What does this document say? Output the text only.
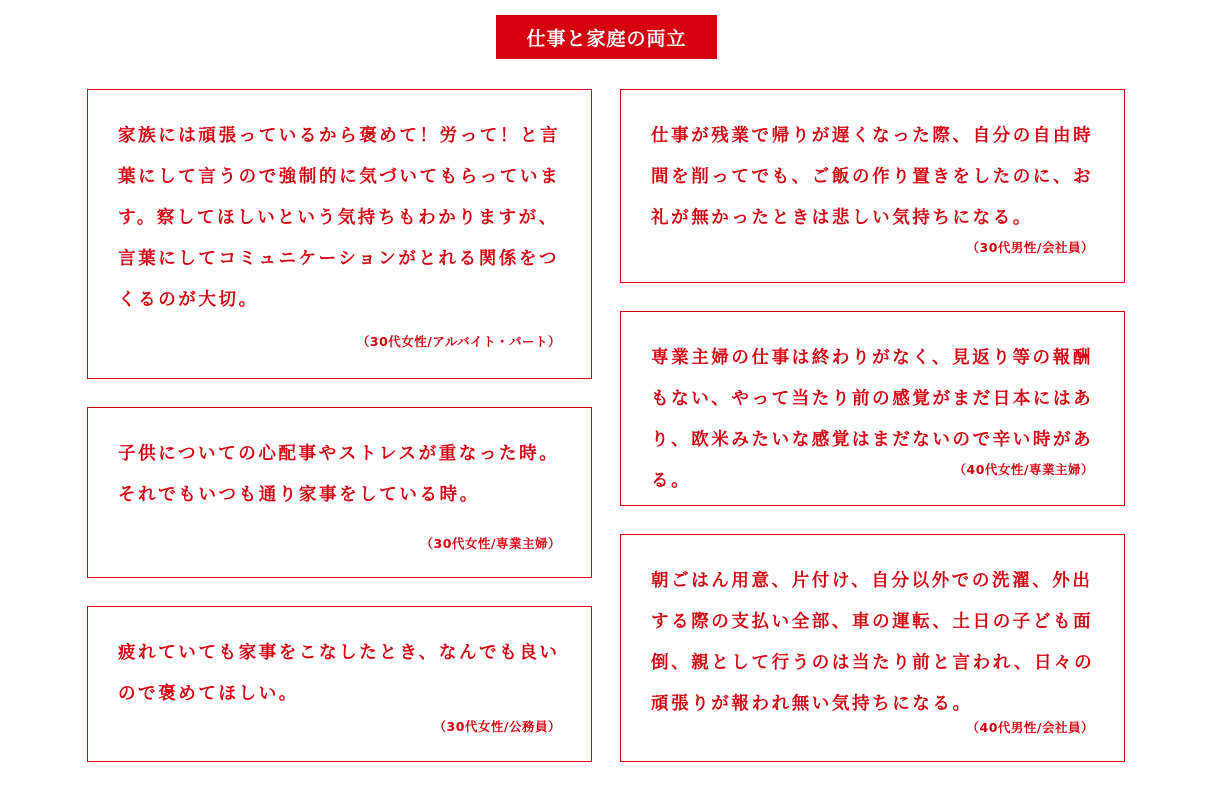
仕事と家庭の両立

家族には頑張っているから褒めて！労って！と言葉にして言うので強制的に気づいてもらっています。察してほしいという気持ちもわかりますが、言葉にしてコミュニケーションがとれる関係をつくるのが大切。

（30代女性/アルバイト・パート）

子供についての心配事やストレスが重なった時。それでもいつも通り家事をしている時。

（30代女性/専業主婦）

疲れていても家事をこなしたとき、なんでも良いので褒めてほしい。

（30代女性/公務員）

仕事が残業で帰りが遅くなった際、自分の自由時間を削ってでも、ご飯の作り置きをしたのに、お礼が無かったときは悲しい気持ちになる。

（30代男性/会社員）

専業主婦の仕事は終わりがなく、見返り等の報酬もない、やって当たり前の感覚がまだ日本にはあり、欧米みたいな感覚はまだないので辛い時がある。

（40代女性/専業主婦）

朝ごはん用意、片付け、自分以外での洗濯、外出する際の支払い全部、車の運転、土日の子ども面倒、親として行うのは当たり前と言われ、日々の頑張りが報われ無い気持ちになる。

（40代男性/会社員）
